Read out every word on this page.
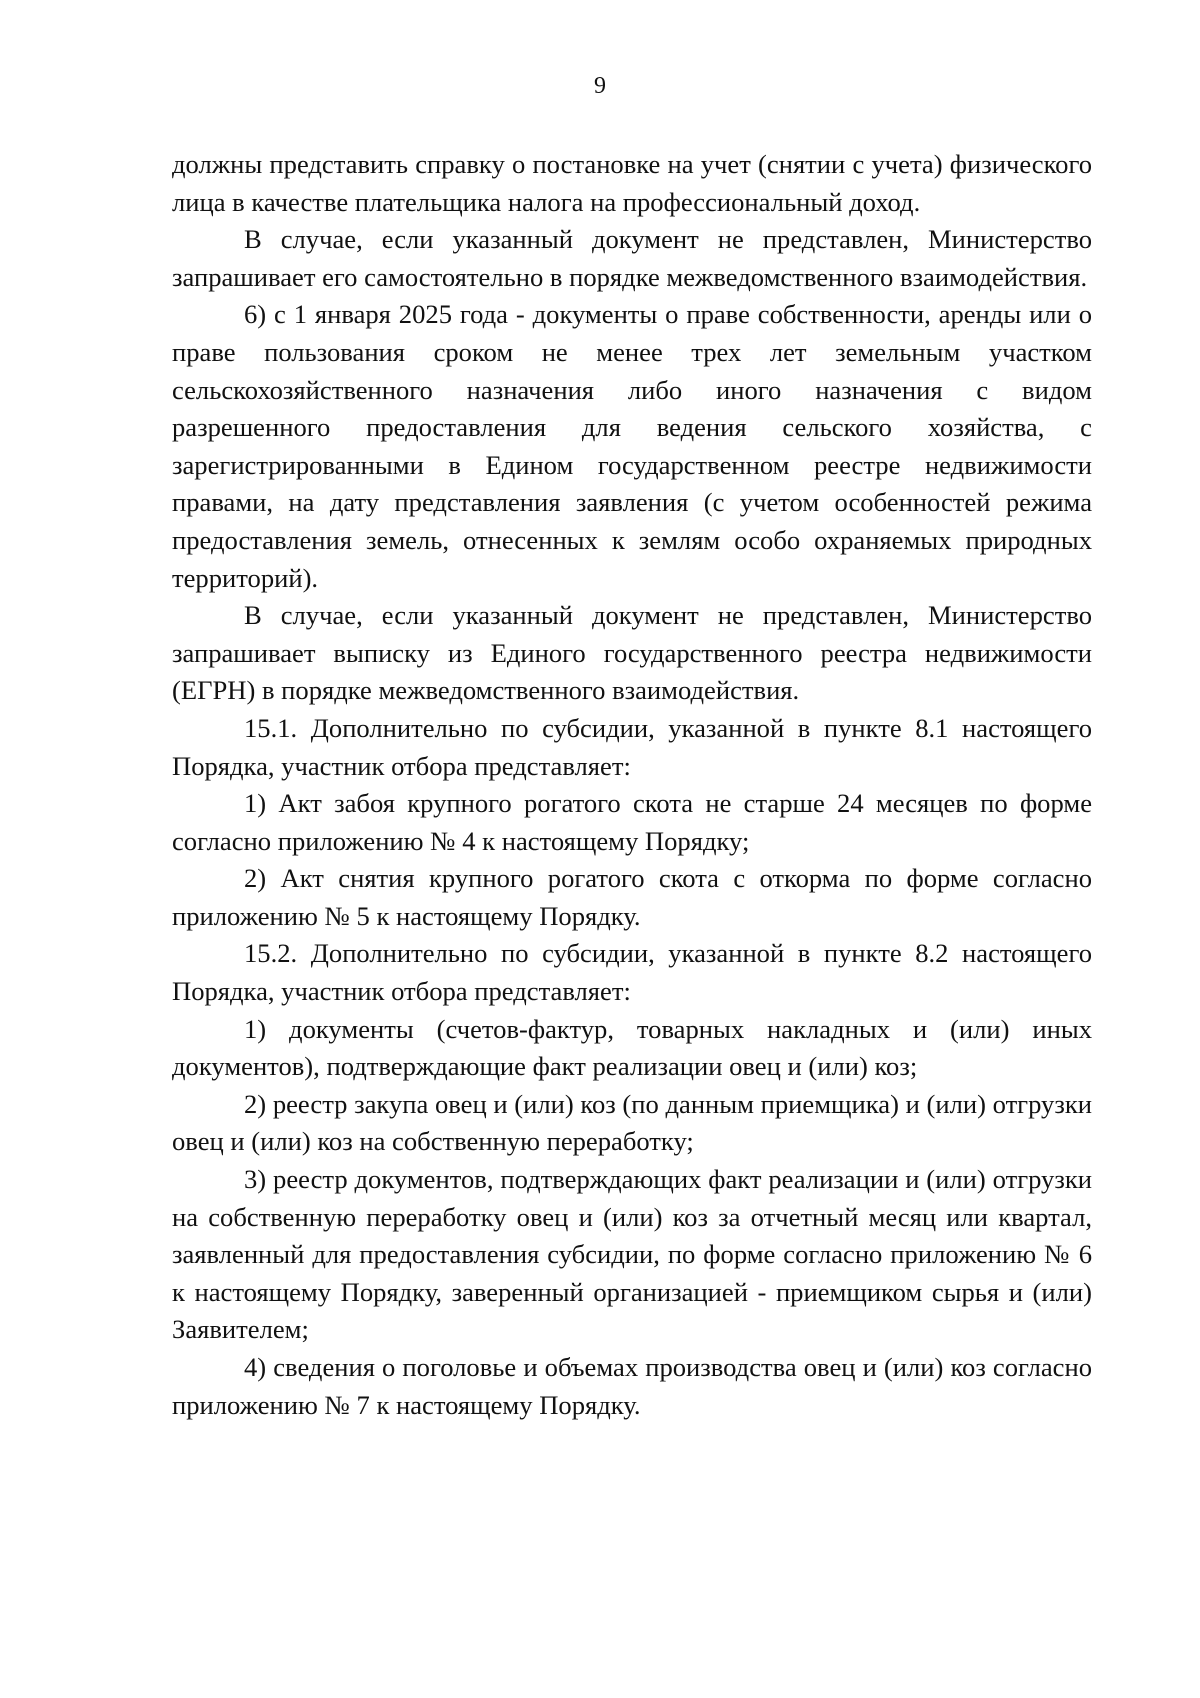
9

должны представить справку о постановке на учет (снятии с учета) физического лица в качестве плательщика налога на профессиональный доход.

В случае, если указанный документ не представлен, Министерство запрашивает его самостоятельно в порядке межведомственного взаимодействия.

6) с 1 января 2025 года - документы о праве собственности, аренды или о праве пользования сроком не менее трех лет земельным участком сельскохозяйственного назначения либо иного назначения с видом разрешенного предоставления для ведения сельского хозяйства, с зарегистрированными в Едином государственном реестре недвижимости правами, на дату представления заявления (с учетом особенностей режима предоставления земель, отнесенных к землям особо охраняемых природных территорий).

В случае, если указанный документ не представлен, Министерство запрашивает выписку из Единого государственного реестра недвижимости (ЕГРН) в порядке межведомственного взаимодействия.

15.1. Дополнительно по субсидии, указанной в пункте 8.1 настоящего Порядка, участник отбора представляет:

1) Акт забоя крупного рогатого скота не старше 24 месяцев по форме согласно приложению № 4 к настоящему Порядку;

2) Акт снятия крупного рогатого скота с откорма по форме согласно приложению № 5 к настоящему Порядку.

15.2. Дополнительно по субсидии, указанной в пункте 8.2 настоящего Порядка, участник отбора представляет:

1) документы (счетов-фактур, товарных накладных и (или) иных документов), подтверждающие факт реализации овец и (или) коз;

2) реестр закупа овец и (или) коз (по данным приемщика) и (или) отгрузки овец и (или) коз на собственную переработку;

3) реестр документов, подтверждающих факт реализации и (или) отгрузки на собственную переработку овец и (или) коз за отчетный месяц или квартал, заявленный для предоставления субсидии, по форме согласно приложению № 6 к настоящему Порядку, заверенный организацией - приемщиком сырья и (или) Заявителем;

4) сведения о поголовье и объемах производства овец и (или) коз согласно приложению № 7 к настоящему Порядку.
